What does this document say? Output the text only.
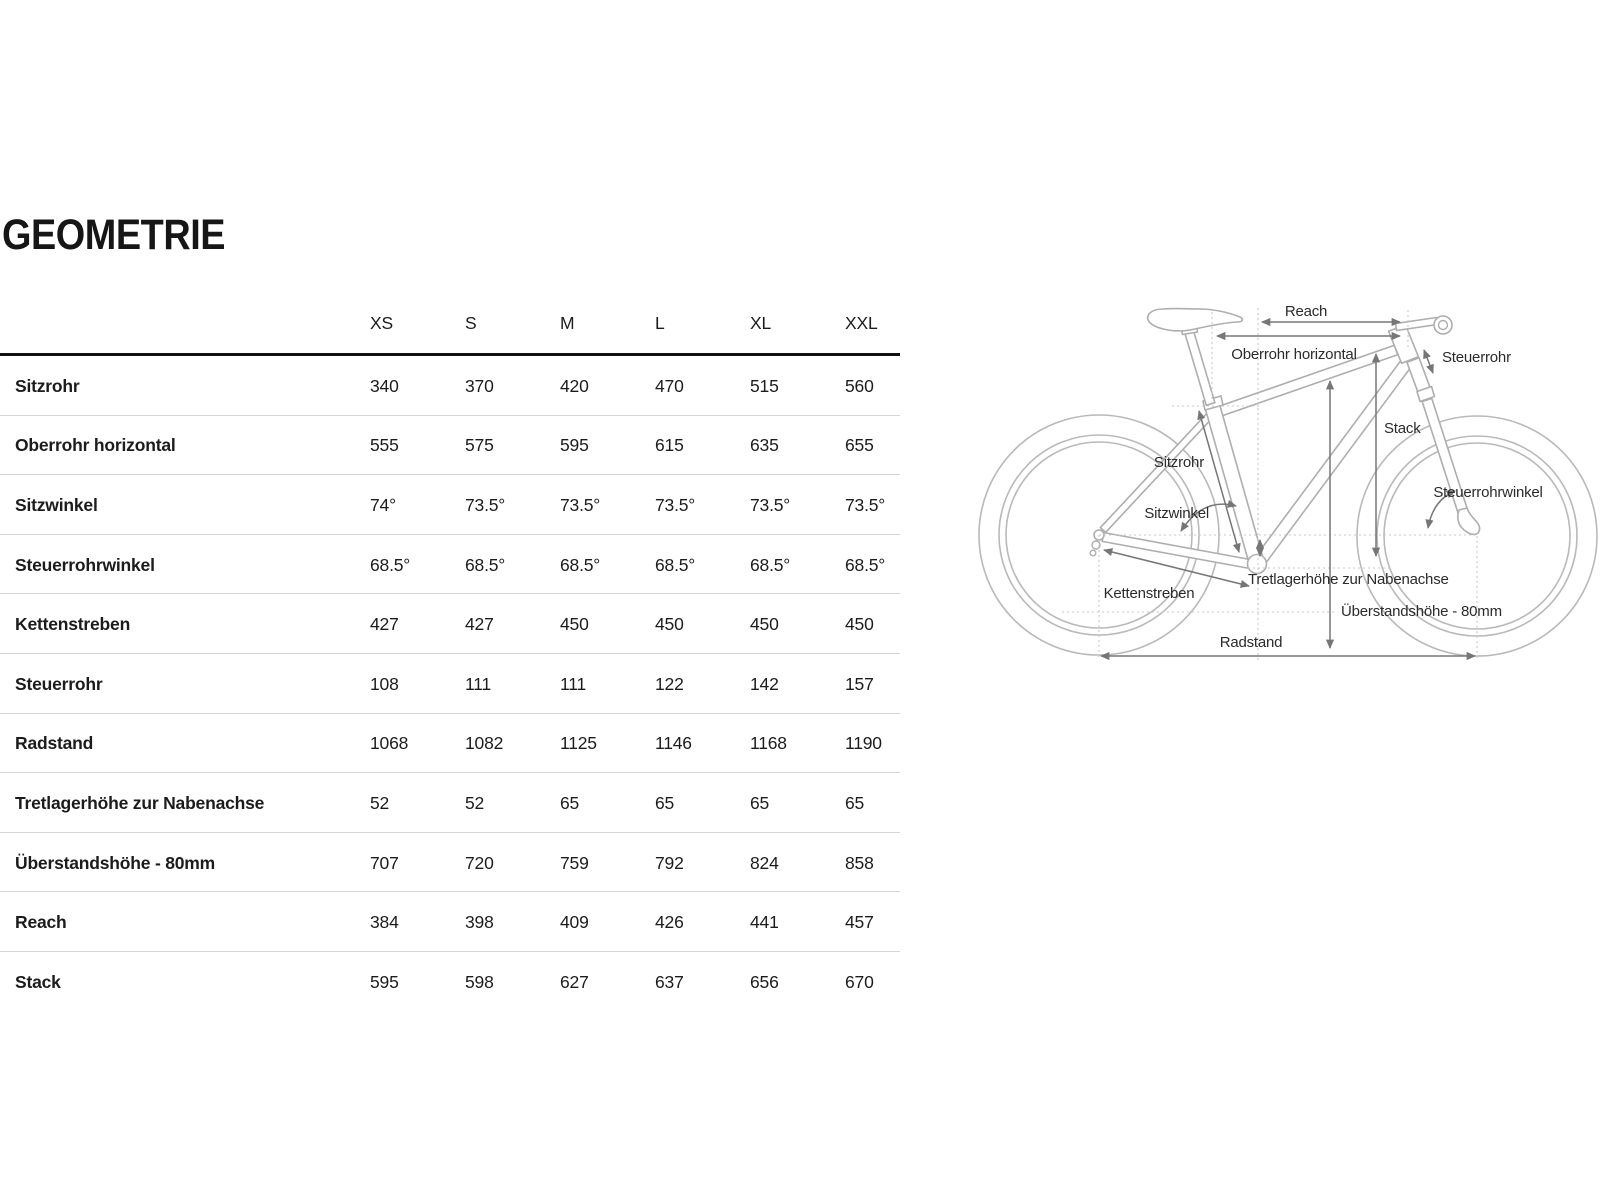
GEOMETRIE
	XS	S	M	L	XL	XXL
Sitzrohr	340	370	420	470	515	560
Oberrohr horizontal	555	575	595	615	635	655
Sitzwinkel	74°	73.5°	73.5°	73.5°	73.5°	73.5°
Steuerrohrwinkel	68.5°	68.5°	68.5°	68.5°	68.5°	68.5°
Kettenstreben	427	427	450	450	450	450
Steuerrohr	108	111	111	122	142	157
Radstand	1068	1082	1125	1146	1168	1190
Tretlagerhöhe zur Nabenachse	52	52	65	65	65	65
Überstandshöhe - 80mm	707	720	759	792	824	858
Reach	384	398	409	426	441	457
Stack	595	598	627	637	656	670
Reach
Oberrohr horizontal	Steuerrohr
Stack
Sitzrohr
Sitzwinkel
Steuerrohrwinkel
Tretlagerhöhe zur Nabenachse
Überstandshöhe - 80mm
Kettenstreben
Radstand
